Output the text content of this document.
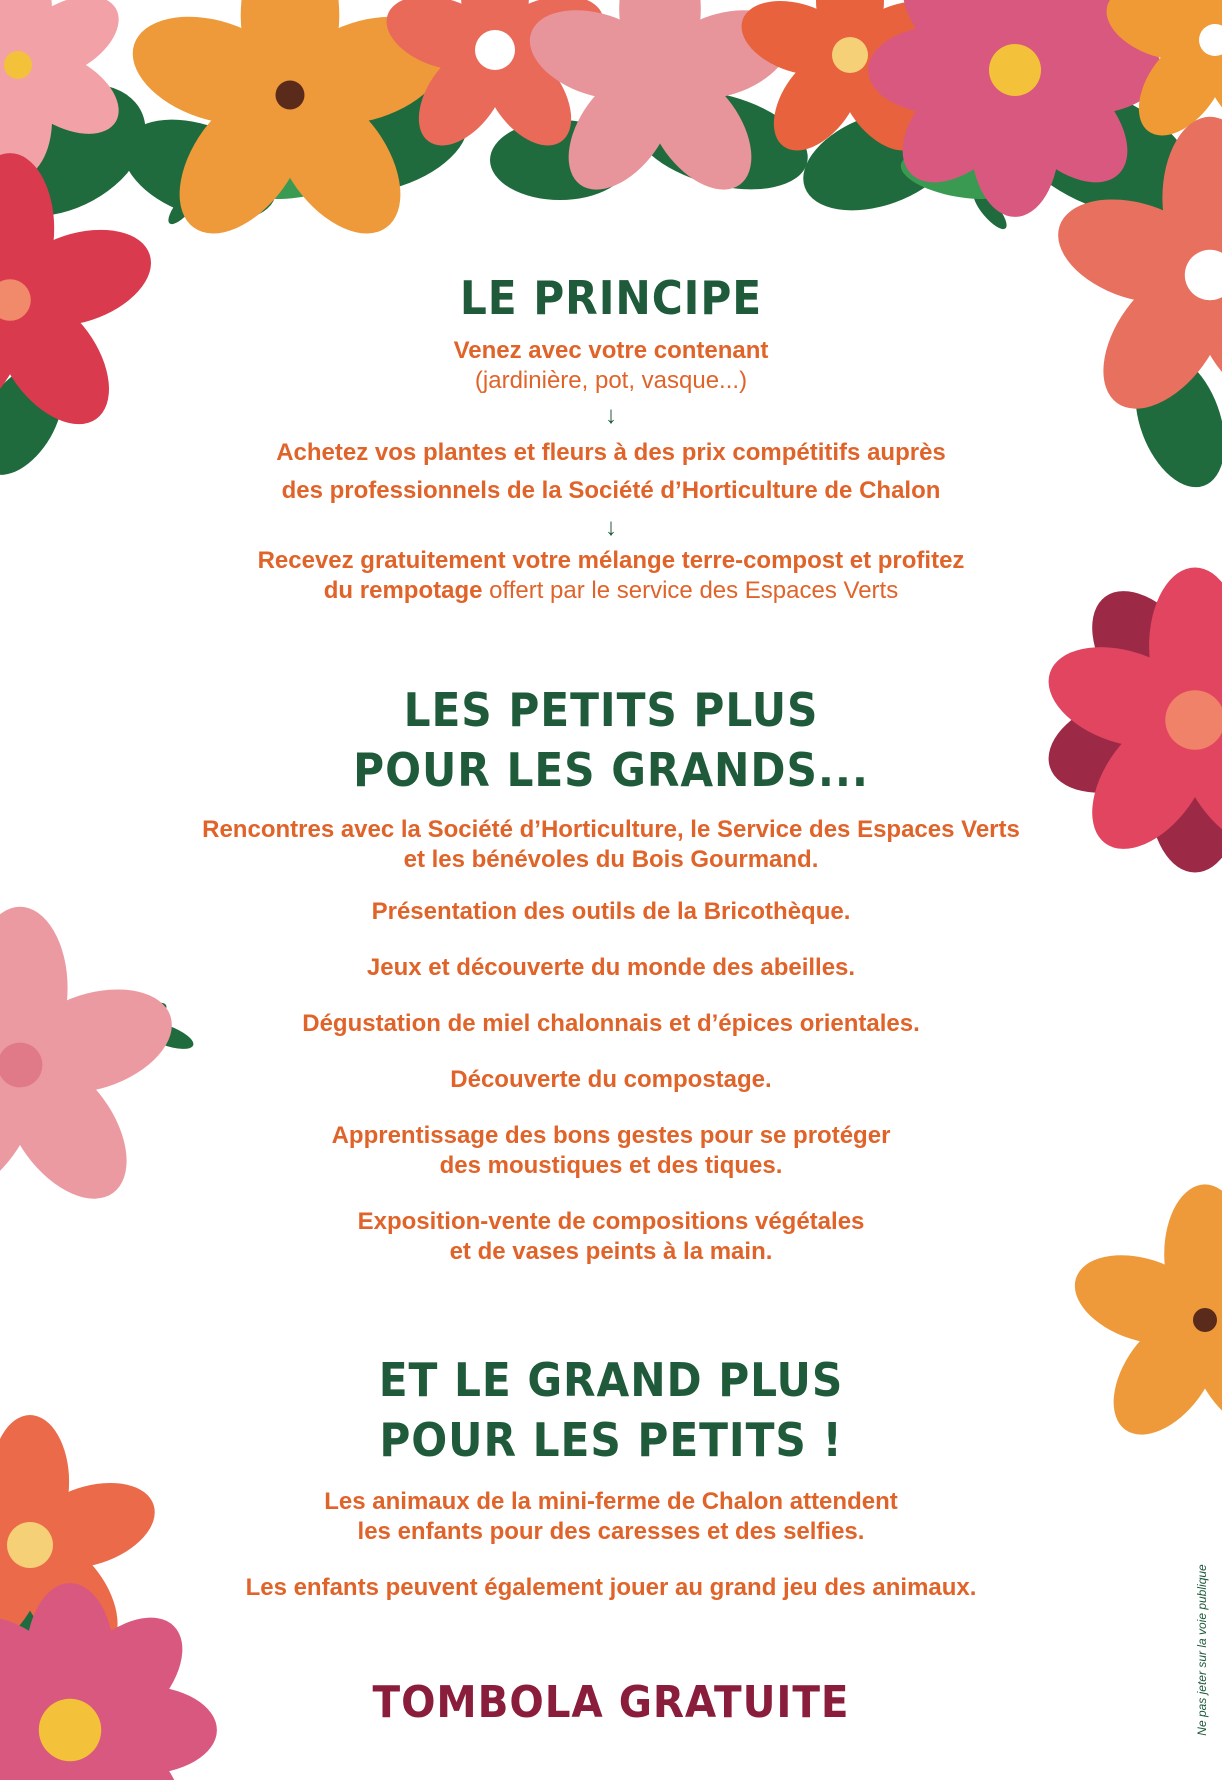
LE PRINCIPE

Venez avec votre contenant

(jardinière, pot, vasque...)

↓

Achetez vos plantes et fleurs à des prix compétitifs auprès

des professionnels de la Société d’Horticulture de Chalon

↓

Recevez gratuitement votre mélange terre-compost et profitez

du rempotage offert par le service des Espaces Verts

LES PETITS PLUS
POUR LES GRANDS...

Rencontres avec la Société d’Horticulture, le Service des Espaces Verts

et les bénévoles du Bois Gourmand.

Présentation des outils de la Bricothèque.

Jeux et découverte du monde des abeilles.

Dégustation de miel chalonnais et d’épices orientales.

Découverte du compostage.

Apprentissage des bons gestes pour se protéger

des moustiques et des tiques.

Exposition-vente de compositions végétales

et de vases peints à la main.

ET LE GRAND PLUS
POUR LES PETITS !

Les animaux de la mini-ferme de Chalon attendent

les enfants pour des caresses et des selfies.

Les enfants peuvent également jouer au grand jeu des animaux.

TOMBOLA GRATUITE	Ne pas jeter sur la voie publique
